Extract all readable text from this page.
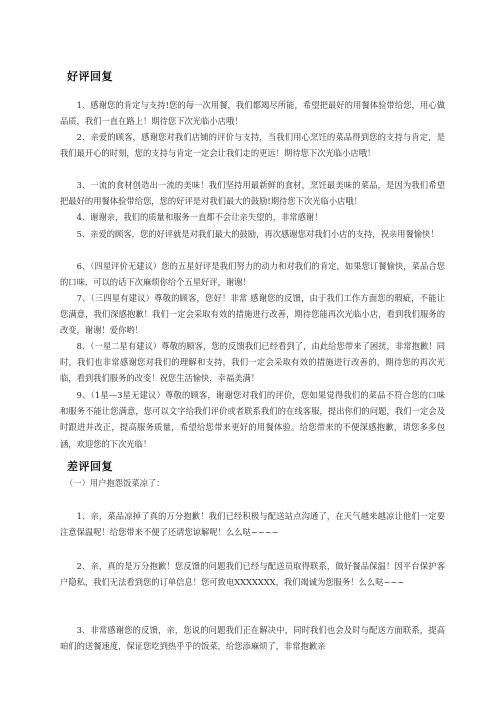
好评回复

1、感谢您的肯定与支持!您的每一次用餐，我们都竭尽所能，希望把最好的用餐体验带给您，用心做品质，我们一直在路上！期待您下次光临小店哦！

2、亲爱的顾客，感谢您对我们店铺的评价与支持，当我们用心烹饪的菜品得到您的支持与肯定，是我们最开心的时刻，您的支持与肯定一定会让我们走的更远！期待您下次光临小店哦！

3、一流的食材创造出一流的美味！我们坚持用最新鲜的食材，烹饪最美味的菜品，是因为我们希望把最好的用餐体验带给您，您的好评是对我们最大的鼓励!期待您下次光临小店哦！

4、谢谢亲，我们的质量和服务一直都不会让亲失望的，非常感谢！

5、亲爱的顾客，您的好评就是对我们最大的鼓励，再次感谢您对我们小店的支持，祝亲用餐愉快！

6、（四星评价无建议）您的五星好评是我们努力的动力和对我们的肯定，如果您订餐愉快，菜品合您的口味，可以的话下次麻烦你给个五星好评，谢谢！

7、（三四星有建议）尊敬的顾客，您好！非常 感谢您的反馈，由于我们工作方面您的瑕疵，不能让您满意，我们深感抱歉！我们一定会采取有效的措施进行改善，期待您能再次光临小店，看到我们服务的改变，谢谢！爱你哟！

8、（一星二星有建议）尊敬的顾客，您的反馈我们已经看到了，由此给您带来了困扰，非常抱歉！同时，我们也非常感谢您对我们的理解和支持，我们一定会采取有效的措施进行改善的，期待您的再次光临，看到我们服务的改变！祝您生活愉快，幸福美满！

9、（1星—3星无建议）尊敬的顾客，谢谢您对我们的评价，您如果觉得我们的菜品不符合您的口味和服务不能让您满意，您可以文字给我们评价或者联系我们的在线客服，提出你们的问题，我们一定会及时跟进并改正，提高服务质量，希望给您带来更好的用餐体验。给您带来的不便深感抱歉，请您多多包涵，欢迎您的下次光临！

差评回复

（一）用户抱怨饭菜凉了：

1、亲，菜品凉掉了真的万分抱歉！我们已经积极与配送站点沟通了，在天气越来越凉让他们一定要注意保温呢！给您带来不便了还请您谅解呢！么么哒~~~~

2、亲，真的是万分抱歉！您反馈的问题我们已经与配送员取得联系，做好餐品保温！因平台保护客户隐私，我们无法看到您的订单信息！您可致电XXXXXXX，我们竭诚为您服务！么么哒~~~

3、非常感谢您的反馈，亲，您说的问题我们正在解决中，同时我们也会及时与配送方面联系，提高咱们的送餐速度，保证您吃到热乎乎的饭菜，给您添麻烦了，非常抱歉亲
